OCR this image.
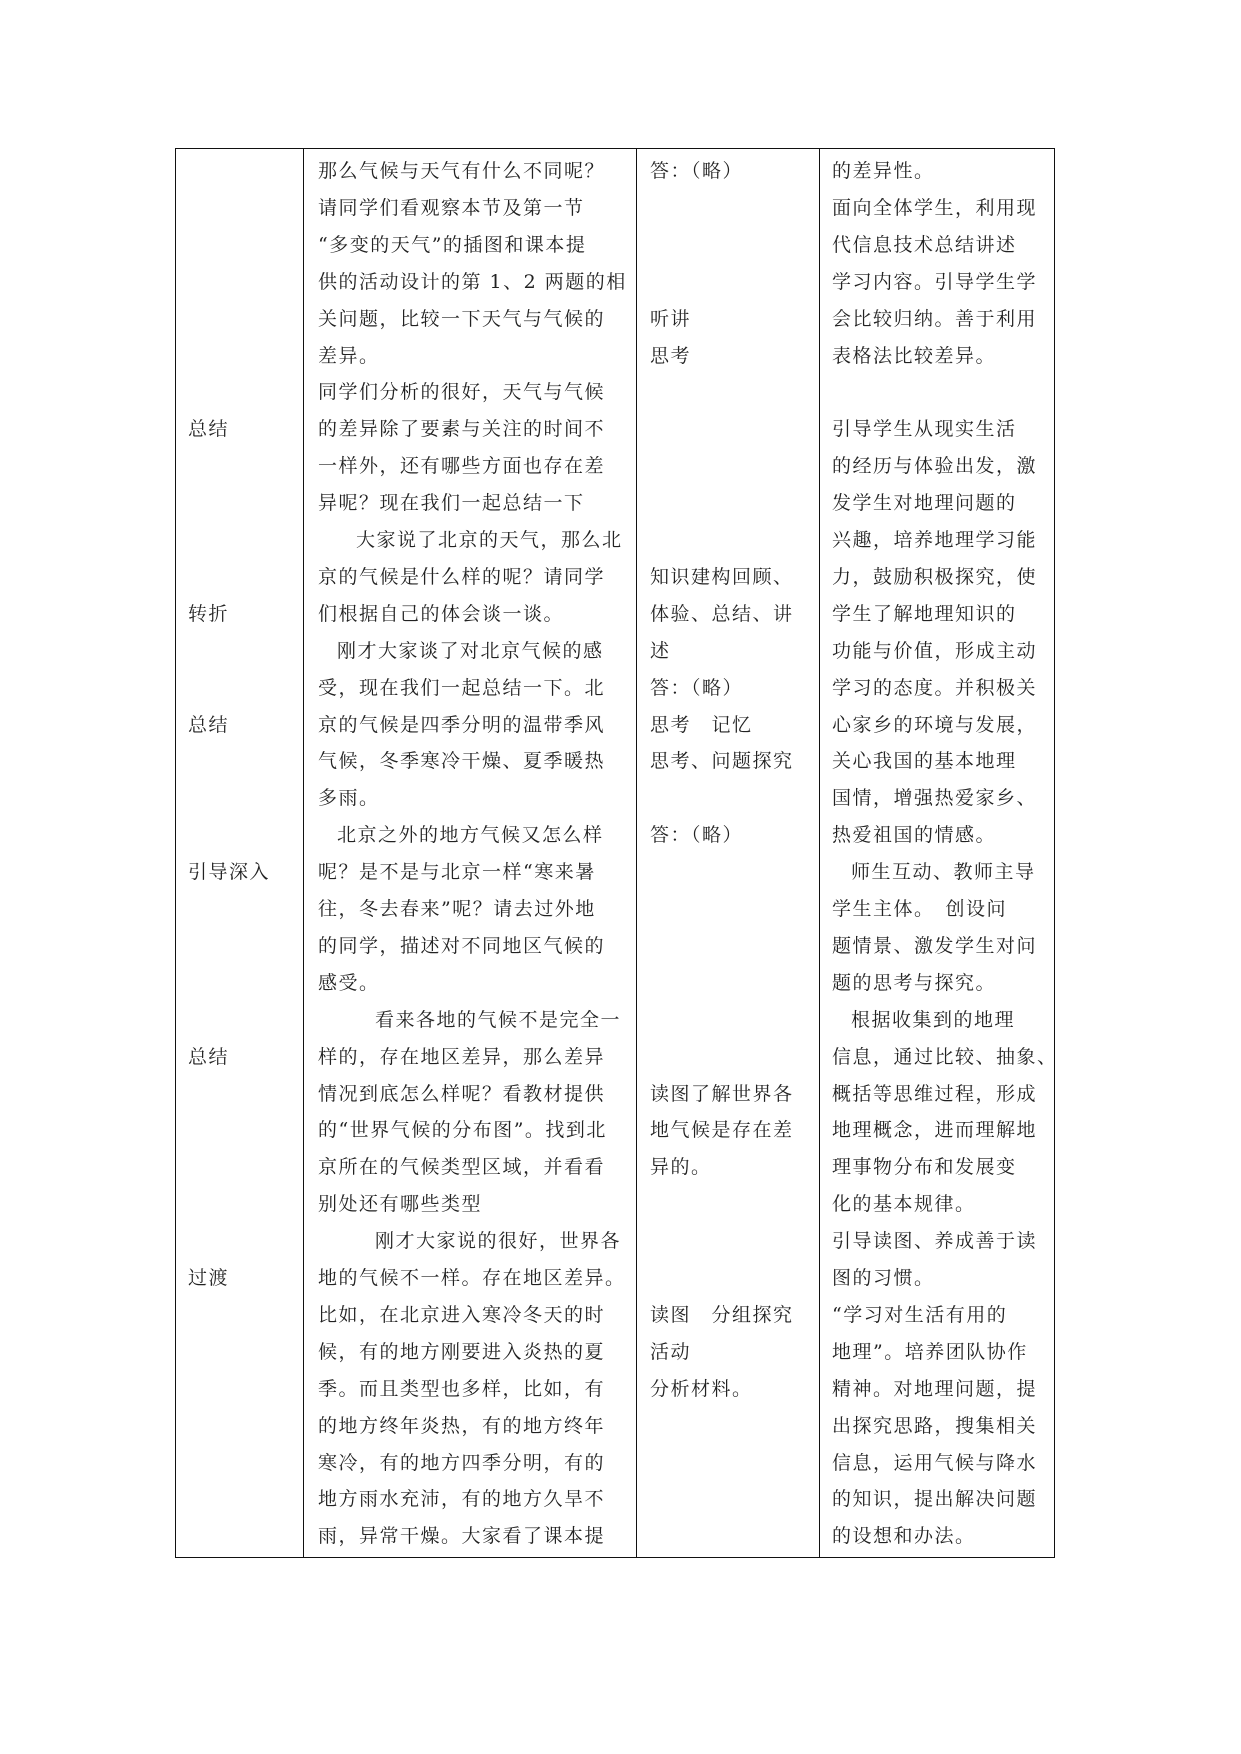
总结
转折
总结
引导深入
总结
过渡
那么气候与天气有什么不同呢？
请同学们看观察本节及第一节
“多变的天气”的插图和课本提
供的活动设计的第 1、2 两题的相
关问题，比较一下天气与气候的
差异。
同学们分析的很好，天气与气候
的差异除了要素与关注的时间不
一样外，还有哪些方面也存在差
异呢？现在我们一起总结一下
大家说了北京的天气，那么北
京的气候是什么样的呢？请同学
们根据自己的体会谈一谈。
刚才大家谈了对北京气候的感
受，现在我们一起总结一下。北
京的气候是四季分明的温带季风
气候，冬季寒冷干燥、夏季暖热
多雨。
北京之外的地方气候又怎么样
呢？是不是与北京一样“寒来暑
往，冬去春来”呢？请去过外地
的同学，描述对不同地区气候的
感受。
看来各地的气候不是完全一
样的，存在地区差异，那么差异
情况到底怎么样呢？看教材提供
的“世界气候的分布图”。找到北
京所在的气候类型区域，并看看
别处还有哪些类型
刚才大家说的很好，世界各
地的气候不一样。存在地区差异。
比如，在北京进入寒冷冬天的时
候，有的地方刚要进入炎热的夏
季。而且类型也多样，比如，有
的地方终年炎热，有的地方终年
寒冷，有的地方四季分明，有的
地方雨水充沛，有的地方久旱不
雨，异常干燥。大家看了课本提
答：（略）
听讲
思考
知识建构回顾、
体验、总结、讲
述
答：（略）
思考　记忆
思考、问题探究
答：（略）
读图了解世界各
地气候是存在差
异的。
读图　分组探究
活动
分析材料。
的差异性。
面向全体学生，利用现
代信息技术总结讲述
学习内容。引导学生学
会比较归纳。善于利用
表格法比较差异。
引导学生从现实生活
的经历与体验出发，激
发学生对地理问题的
兴趣，培养地理学习能
力，鼓励积极探究，使
学生了解地理知识的
功能与价值，形成主动
学习的态度。并积极关
心家乡的环境与发展，
关心我国的基本地理
国情，增强热爱家乡、
热爱祖国的情感。
师生互动、教师主导
学生主体。　创设问
题情景、激发学生对问
题的思考与探究。
根据收集到的地理
信息，通过比较、抽象、
概括等思维过程，形成
地理概念，进而理解地
理事物分布和发展变
化的基本规律。
引导读图、养成善于读
图的习惯。
“学习对生活有用的
地理”。培养团队协作
精神。对地理问题，提
出探究思路，搜集相关
信息，运用气候与降水
的知识，提出解决问题
的设想和办法。
